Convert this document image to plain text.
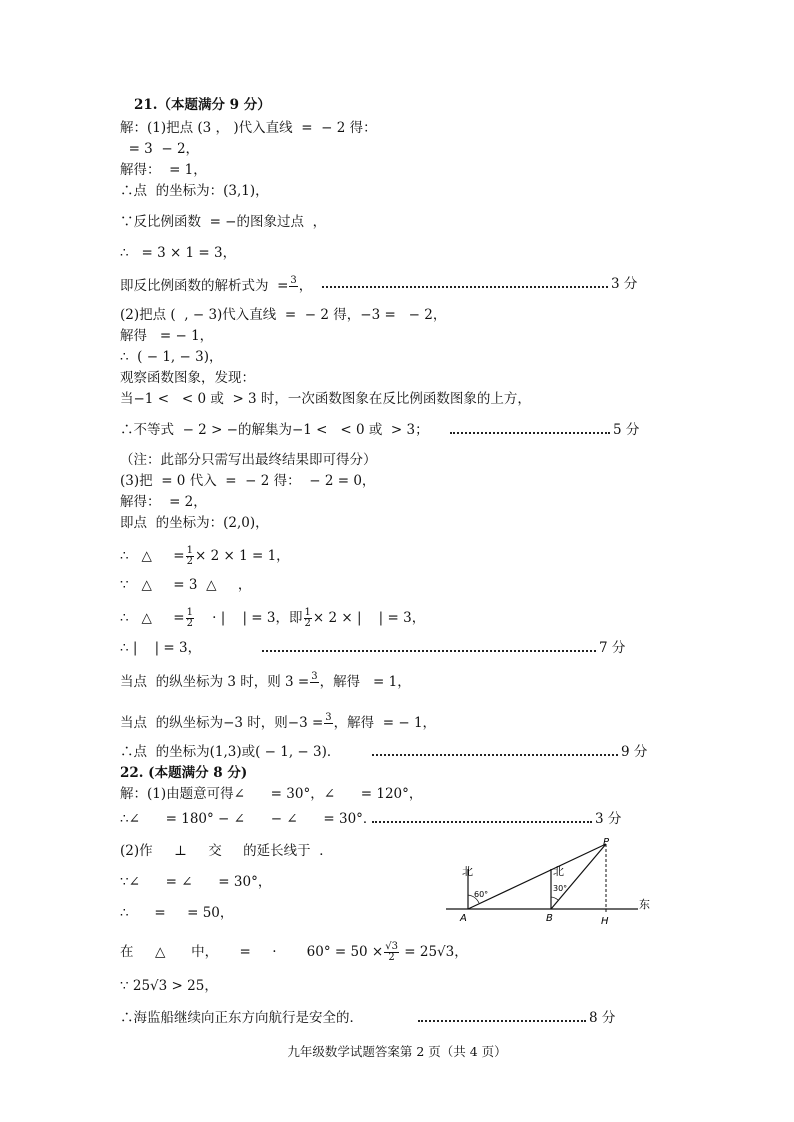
21.（本题满分 9 分）
解：(1)把点 (3 ， )代入直线  =  − 2 得：
= 3  − 2，
解得：  = 1，
∴点  的坐标为：(3,1)，
∵反比例函数  = −的图象过点  ，
∴   = 3 × 1 = 3，
即反比例函数的解析式为  = 3
，	3 分
(2)把点 (  , − 3)代入直线  =  − 2 得，−3 =   − 2，
解得   = − 1，
∴  ( − 1, − 3)，
观察函数图象，发现：
当−1 <   < 0 或  > 3 时，一次函数图象在反比例函数图象的上方，
∴不等式  − 2 > −的解集为−1 <   < 0 或  > 3；	5 分
（注：此部分只需写出最终结果即可得分）
(3)把  = 0 代入  =  − 2 得：  − 2 = 0，
解得：  = 2，
即点  的坐标为：(2,0)，
∴   △     = $\frac{1}{2} \times 2 \times 1 = 1$，
∵   △     = 3  △     ，
∴   △     = $\frac{1}{2}$ · |    | = 3，即 $\frac{1}{2} \times 2$ × |    | = 3，
∴ |    | = 3，	7 分
当点  的纵坐标为 3 时，则 3 = 3
，解得   = 1，
当点  的纵坐标为−3 时，则−3 = 3
，解得  = − 1，
∴点  的坐标为(1,3)或( − 1, − 3)．	9 分
22. (本题满分 8 分)
解：(1)由题意可得∠      = 30°，∠      = 120°，
∴∠      = 180° − ∠      − ∠      = 30°．	3 分
(2)作     ⊥     交     的延长线于  ．
∵∠      = ∠      = 30°，
∴      =     = 50，
在     △      中，     =     ·       $60^\circ = 50 \times \frac{√3}{2} = 25√3$，
∵ 25√3 > 25，
∴海监船继续向正东方向航行是安全的．	8 分
北	北
60°
30°
A	B	H
P
东
九年级数学试题答案第 2 页（共 4 页）
